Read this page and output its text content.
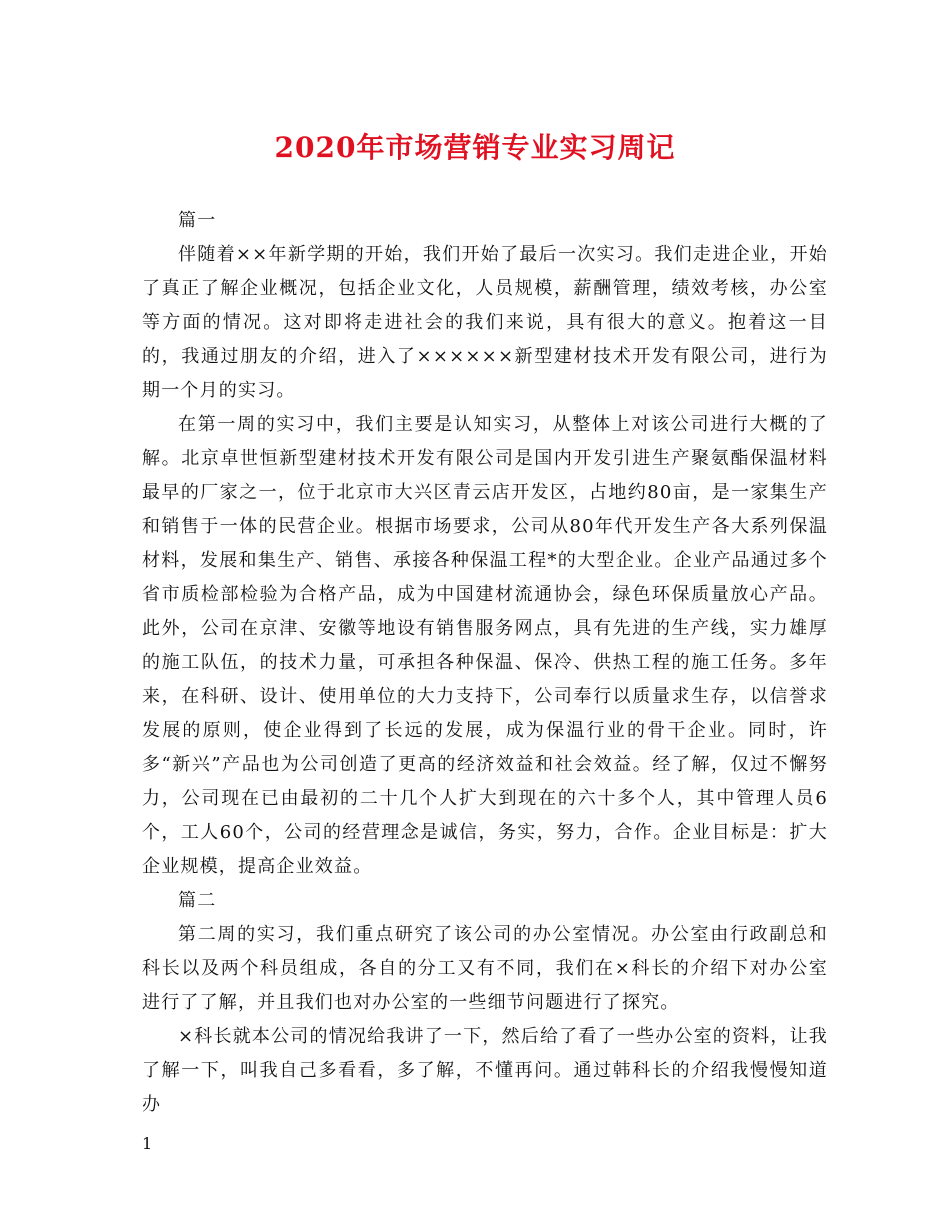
2020年市场营销专业实习周记

篇一

伴随着××年新学期的开始，我们开始了最后一次实习。我们走进企业，开始了真正了解企业概况，包括企业文化，人员规模，薪酬管理，绩效考核，办公室等方面的情况。这对即将走进社会的我们来说，具有很大的意义。抱着这一目的，我通过朋友的介绍，进入了××××××新型建材技术开发有限公司，进行为期一个月的实习。

在第一周的实习中，我们主要是认知实习，从整体上对该公司进行大概的了解。北京卓世恒新型建材技术开发有限公司是国内开发引进生产聚氨酯保温材料最早的厂家之一，位于北京市大兴区青云店开发区，占地约80亩，是一家集生产和销售于一体的民营企业。根据市场要求，公司从80年代开发生产各大系列保温材料，发展和集生产、销售、承接各种保温工程*的大型企业。企业产品通过多个省市质检部检验为合格产品，成为中国建材流通协会，绿色环保质量放心产品。此外，公司在京津、安徽等地设有销售服务网点，具有先进的生产线，实力雄厚的施工队伍，的技术力量，可承担各种保温、保冷、供热工程的施工任务。多年来，在科研、设计、使用单位的大力支持下，公司奉行以质量求生存，以信誉求发展的原则，使企业得到了长远的发展，成为保温行业的骨干企业。同时，许多“新兴”产品也为公司创造了更高的经济效益和社会效益。经了解，仅过不懈努力，公司现在已由最初的二十几个人扩大到现在的六十多个人，其中管理人员6个，工人60个，公司的经营理念是诚信，务实，努力，合作。企业目标是：扩大企业规模，提高企业效益。

篇二

第二周的实习，我们重点研究了该公司的办公室情况。办公室由行政副总和科长以及两个科员组成，各自的分工又有不同，我们在×科长的介绍下对办公室进行了了解，并且我们也对办公室的一些细节问题进行了探究。

×科长就本公司的情况给我讲了一下，然后给了看了一些办公室的资料，让我了解一下，叫我自己多看看，多了解，不懂再问。通过韩科长的介绍我慢慢知道办

1
